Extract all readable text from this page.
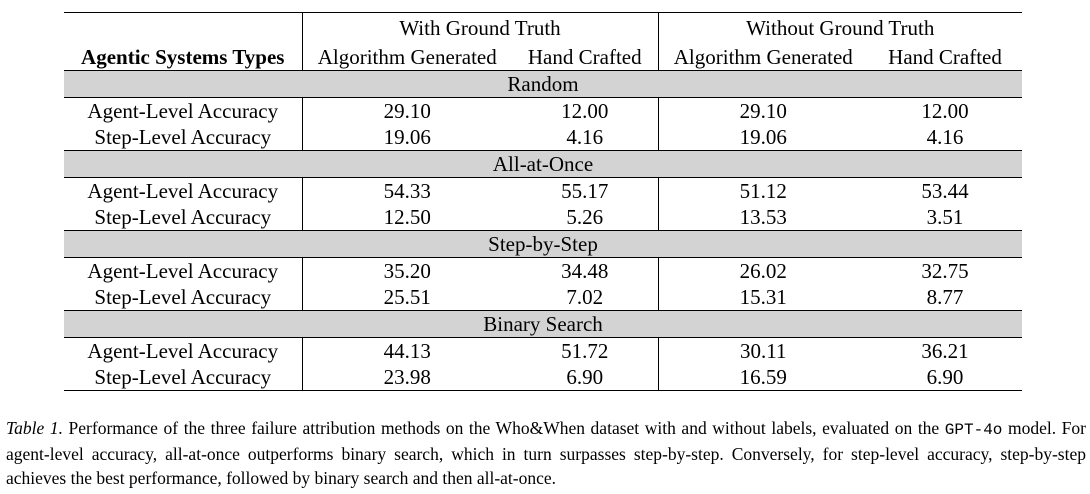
	With Ground Truth		Without Ground Truth	
Agentic Systems Types	Algorithm Generated	Hand Crafted	Algorithm Generated	Hand Crafted
Random				
Agent-Level Accuracy	29.10	12.00	29.10	12.00
Step-Level Accuracy	19.06	4.16	19.06	4.16
All-at-Once				
Agent-Level Accuracy	54.33	55.17	51.12	53.44
Step-Level Accuracy	12.50	5.26	13.53	3.51
Step-by-Step				
Agent-Level Accuracy	35.20	34.48	26.02	32.75
Step-Level Accuracy	25.51	7.02	15.31	8.77
Binary Search				
Agent-Level Accuracy	44.13	51.72	30.11	36.21
Step-Level Accuracy	23.98	6.90	16.59	6.90
Table 1. Performance of the three failure attribution methods on the Who&When dataset with and without labels, evaluated on the GPT-4o model. For agent-level accuracy, all-at-once outperforms binary search, which in turn surpasses step-by-step. Conversely, for step-level accuracy, step-by-step achieves the best performance, followed by binary search and then all-at-once.
